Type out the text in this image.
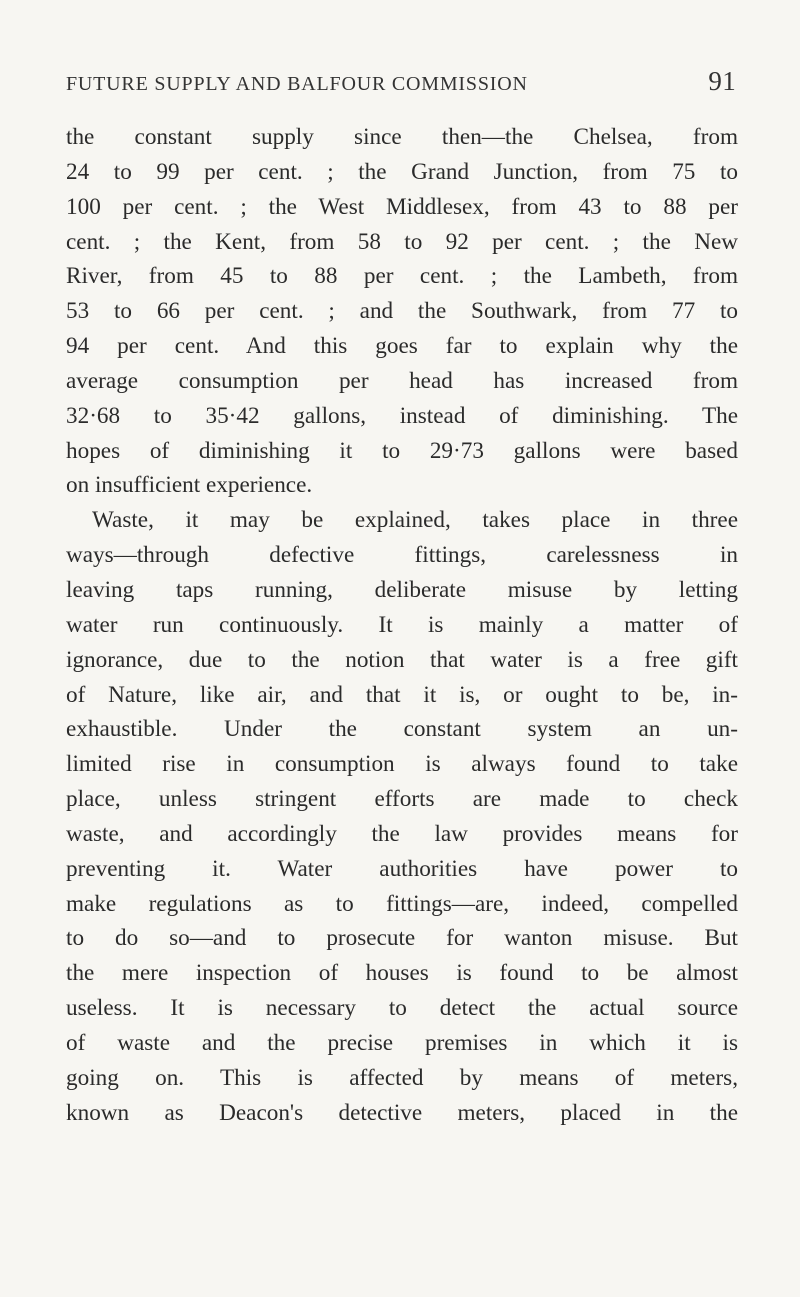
FUTURE SUPPLY AND BALFOUR COMMISSION	91
the constant supply since then—the Chelsea, from
24 to 99 per cent. ; the Grand Junction, from 75 to
100 per cent. ; the West Middlesex, from 43 to 88 per
cent. ; the Kent, from 58 to 92 per cent. ; the New
River, from 45 to 88 per cent. ; the Lambeth, from
53 to 66 per cent. ; and the Southwark, from 77 to
94 per cent. And this goes far to explain why the
average consumption per head has increased from
32·68 to 35·42 gallons, instead of diminishing. The
hopes of diminishing it to 29·73 gallons were based
on insufficient experience.
Waste, it may be explained, takes place in three
ways—through defective fittings, carelessness in
leaving taps running, deliberate misuse by letting
water run continuously. It is mainly a matter of
ignorance, due to the notion that water is a free gift
of Nature, like air, and that it is, or ought to be, in-
exhaustible. Under the constant system an un-
limited rise in consumption is always found to take
place, unless stringent efforts are made to check
waste, and accordingly the law provides means for
preventing it. Water authorities have power to
make regulations as to fittings—are, indeed, compelled
to do so—and to prosecute for wanton misuse. But
the mere inspection of houses is found to be almost
useless. It is necessary to detect the actual source
of waste and the precise premises in which it is
going on. This is affected by means of meters,
known as Deacon's detective meters, placed in the
